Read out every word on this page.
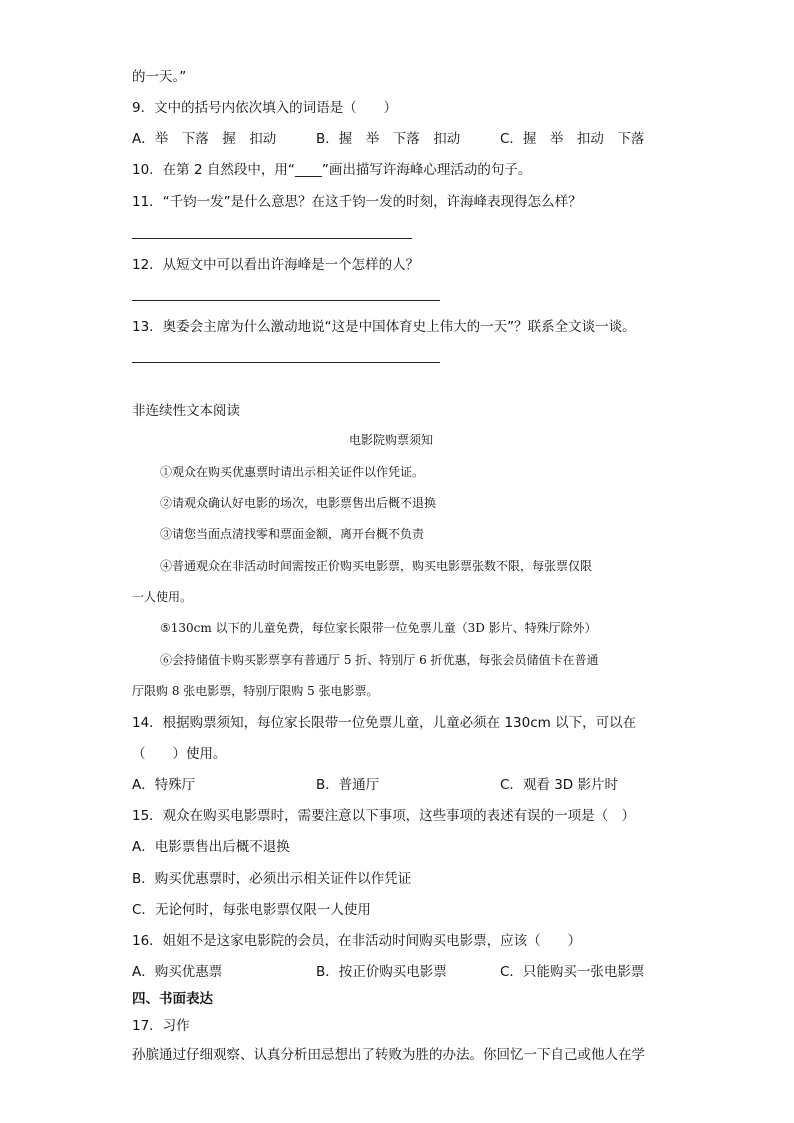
的一天。”
9．文中的括号内依次填入的词语是（　　）
A．举　下落　握　扣动	B．握　举　下落　扣动	C．握　举　扣动　下落
10．在第 2 自然段中，用“____”画出描写许海峰心理活动的句子。
11．“千钧一发”是什么意思？在这千钧一发的时刻，许海峰表现得怎么样？
12．从短文中可以看出许海峰是一个怎样的人？
13．奥委会主席为什么激动地说“这是中国体育史上伟大的一天”？联系全文谈一谈。
非连续性文本阅读
电影院购票须知
①观众在购买优惠票时请出示相关证件以作凭证。
②请观众确认好电影的场次，电影票售出后概不退换
③请您当面点清找零和票面金额，离开台概不负责
④普通观众在非活动时间需按正价购买电影票，购买电影票张数不限，每张票仅限
一人使用。
⑤130cm 以下的儿童免费，每位家长限带一位免票儿童（3D 影片、特殊厅除外）
⑥会持储值卡购买影票享有普通厅 5 折、特别厅 6 折优惠，每张会员储值卡在普通
厅限购 8 张电影票，特别厅限购 5 张电影票。
14．根据购票须知，每位家长限带一位免票儿童，儿童必须在 130cm 以下，可以在
（　　）使用。
A．特殊厅	B．普通厅	C．观看 3D 影片时
15．观众在购买电影票时，需要注意以下事项，这些事项的表述有误的一项是（　）
A．电影票售出后概不退换
B．购买优惠票时，必须出示相关证件以作凭证
C．无论何时，每张电影票仅限一人使用
16．姐姐不是这家电影院的会员，在非活动时间购买电影票，应该（　　）
A．购买优惠票	B．按正价购买电影票	C．只能购买一张电影票
四、书面表达
17．习作
孙膑通过仔细观察、认真分析田忌想出了转败为胜的办法。你回忆一下自己或他人在学
